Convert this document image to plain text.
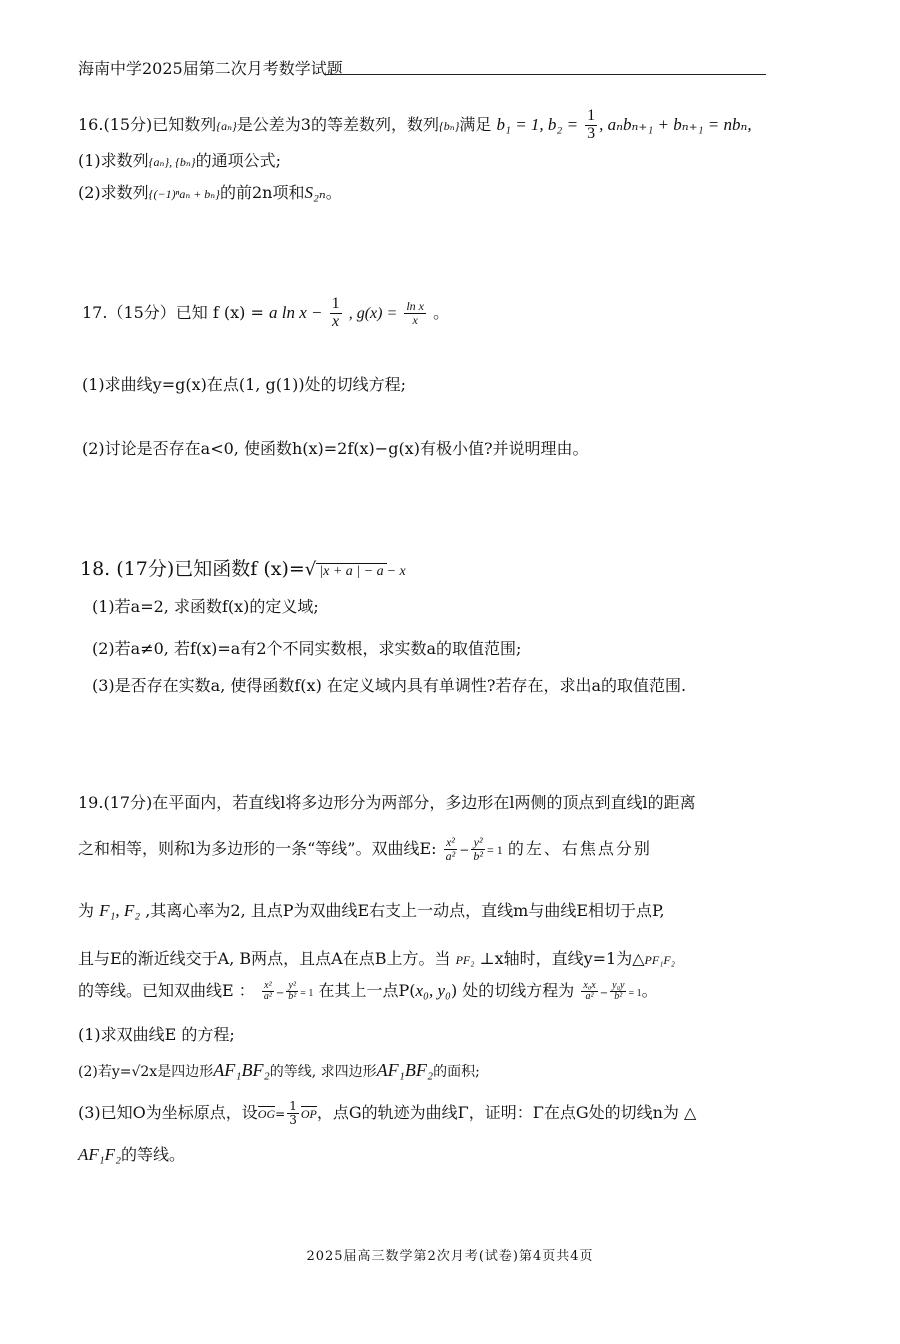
海南中学2025届第二次月考数学试题
16.(15分)已知数列{aₙ}是公差为3的等差数列，数列{bₙ}满足 b₁ = 1, $b_2 = \frac{1}{3}$ , aₙbₙ₊₁ + bₙ₊₁ = nbₙ,
(1)求数列{aₙ}, {bₙ}的通项公式;
(2)求数列{(−1)ⁿaₙ + bₙ}的前2n项和S₂ₙ。
17.（15分）已知 f (x) = a $\ln x - \frac{1}{x}$ , $g(x) = \frac{\text{ln x}}{x}$ 。
(1)求曲线y=g(x)在点(1, g(1))处的切线方程;
(2)讨论是否存在a<0, 使函数h(x)=2f(x)−g(x)有极小值?并说明理由。
18. (17分)已知函数f (x)=√ |x + a | − a − x
(1)若a=2, 求函数f(x)的定义域;
(2)若a≠0, 若f(x)=a有2个不同实数根，求实数a的取值范围;
(3)是否存在实数a, 使得函数f(x) 在定义域内具有单调性?若存在，求出a的取值范围.
19.(17分)在平面内，若直线l将多边形分为两部分，多边形在l两侧的顶点到直线l的距离
之和相等，则称l为多边形的一条“等线”。双曲线E: $\frac{\text{x²}}{\text{a²}} - \frac{\text{y²}}{\text{b²}} = 1$ 的左、右焦点分别
为 F₁, F₂ ,其离心率为2, 且点P为双曲线E右支上一动点，直线m与曲线E相切于点P,
且与E的渐近线交于A, B两点，且点A在点B上方。当 PF₂ ⊥x轴时，直线y=1为△PF₁F₂
的等线。已知双曲线E ： $\frac{\text{x²}}{\text{a²}} - \frac{\text{y²}}{\text{b²}} = 1$ 在其上一点P(x₀, y₀) 处的切线方程为 $\frac{\text{x₀x}}{\text{a²}} - \frac{\text{y₀y}}{\text{b²}} = 1$。
(1)求双曲线E 的方程;
(2)若y=√2x是四边形AF₁BF₂的等线, 求四边形AF₁BF₂的面积;
(3)已知O为坐标原点，设$OG= \frac{1}{3}$ OP，点G的轨迹为曲线Γ，证明：Γ在点G处的切线n为 △
AF₁F₂的等线。
2025届高三数学第2次月考(试卷)第4页共4页
